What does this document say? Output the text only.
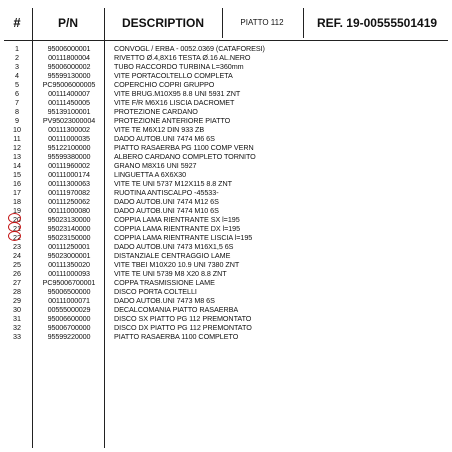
#	P/N	DESCRIPTION	PIATTO 112	REF. 19-00555501419
1	95006000001	CONVOGL / ERBA - 0052.0369 (CATAFORESI)
2	00111800004	RIVETTO Ø.4,8X16 TESTA Ø.16 AL.NERO
3	95006000002	TUBO RACCORDO TURBINA L=360mm
4	95599130000	VITE PORTACOLTELLO COMPLETA
5	PC95006000005	COPERCHIO COPRI GRUPPO
6	00111400007	VITE BRUG.M10X95 8.8 UNI 5931 ZNT
7	00111450005	VITE F/R M6X16 LISCIA DACROMET
8	95139100001	PROTEZIONE CARDANO
9	PV95023000004	PROTEZIONE ANTERIORE PIATTO
10	00111300002	VITE TE M6X12 DIN 933 ZB
11	00111000035	DADO AUTOB.UNI 7474 M6 6S
12	95122100000	PIATTO RASAERBA PG 1100 COMP VERN
13	95599380000	ALBERO CARDANO COMPLETO TORNITO
14	00111960002	GRANO M8X16 UNI 5927
15	00111000174	LINGUETTA A 6X6X30
16	00111300063	VITE TE UNI 5737 M12X115 8.8 ZNT
17	00111970082	RUOTINA ANTISCALPO -45533-
18	00111250062	DADO AUTOB.UNI 7474 M12 6S
19	00111000080	DADO AUTOB.UNI 7474 M10 6S
20	95023130000	COPPIA LAMA RIENTRANTE SX l=195
21	95023140000	COPPIA LAMA RIENTRANTE DX l=195
22	95023150000	COPPIA LAMA RIENTRANTE LISCIA l=195
23	00111250001	DADO AUTOB.UNI 7473 M16X1,5 6S
24	95023000001	DISTANZIALE CENTRAGGIO LAME
25	00111350020	VITE TBEI M10X20 10.9 UNI 7380 ZNT
26	00111000093	VITE TE UNI 5739 M8 X20 8.8 ZNT
27	PC95006700001	COPPA TRASMISSIONE LAME
28	95006500000	DISCO PORTA COLTELLI
29	00111000071	DADO AUTOB.UNI 7473 M8 6S
30	00555000029	DECALCOMANIA PIATTO RASAERBA
31	95006600000	DISCO SX PIATTO PG 112 PREMONTATO
32	95006700000	DISCO DX PIATTO PG 112 PREMONTATO
33	95599220000	PIATTO RASAERBA 1100 COMPLETO
